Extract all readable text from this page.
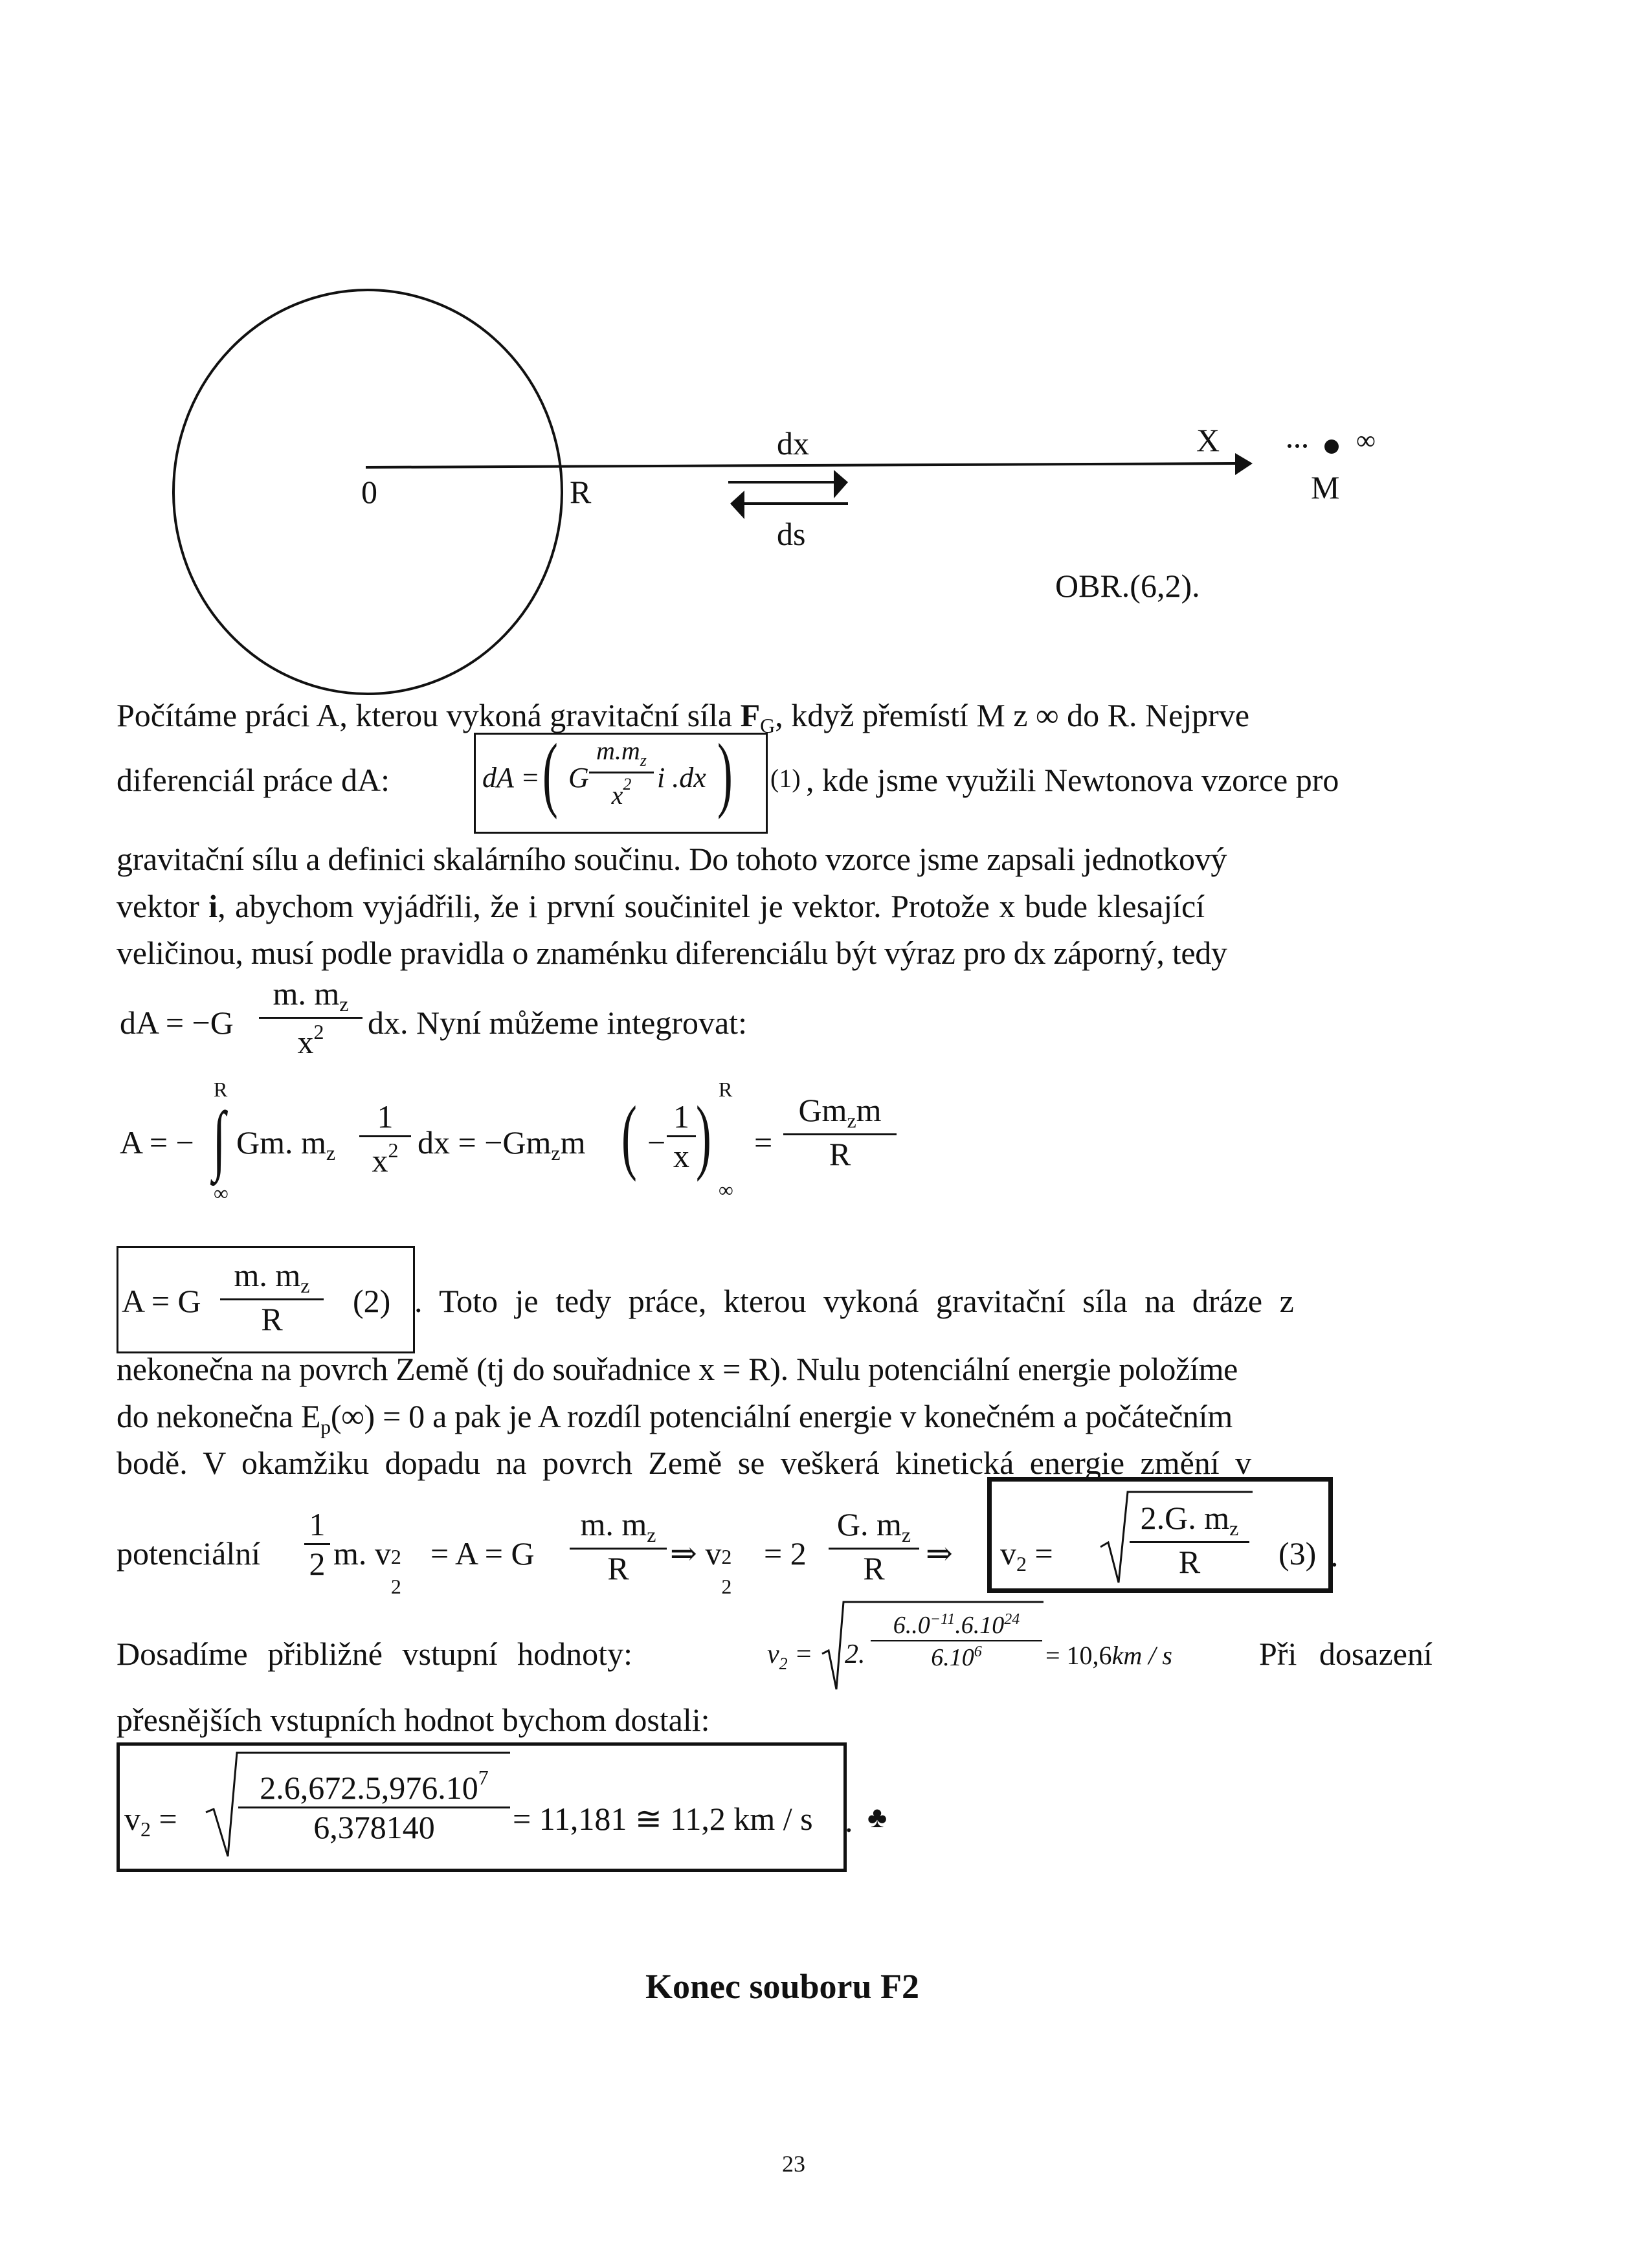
0	R
dx
ds
X	∞
M
OBR.(6,2).
Počítáme práci A, kterou vykoná gravitační síla $F_G$, když přemístí M z ∞ do R. Nejprve
diferenciál práce dA:	dA = ( G
$m.m_z$
$x^2$ i .dx ) (1) , kde jsme využili Newtonova vzorce pro
gravitační sílu a definici skalárního součinu. Do tohoto vzorce jsme zapsali jednotkový
vektor i, abychom vyjádřili, že i první součinitel je vektor. Protože x bude klesající
veličinou, musí podle pravidla o znaménku diferenciálu být výraz pro dx záporný, tedy
dA = −G
m. $m_z$
$x^2$	dx. Nyní můžeme integrovat:
A = −
R
∫
∞
Gm. $m_z$
1
$x^2$ dx = $-Gm_zm$ ( −
1
x ) R
∞
=
$Gm_zm$
R
A = G
m. $m_z$
R	(2) . Toto je tedy práce, kterou vykoná gravitační síla na dráze z
nekonečna na povrch Země (tj do souřadnice x = R). Nulu potenciální energie položíme
do nekonečna $E_p(\infty) = 0$ a pak je A rozdíl potenciální energie v konečném a počátečním
bodě. V okamžiku dopadu na povrch Země se veškerá kinetická energie změní v
potenciální
1
2 m. v 2
2
= A = G
m. $m_z$
R	⇒ v 2
2
= 2
G. $m_z$
R	⇒ $v_2$ =
2.G. $m_z$
R	(3) .
Dosadíme přibližné vstupní hodnoty:	$v_2 = 2$.
$6..0^{-11}.6.10^{24}$
$6.10^6$	= 10,6km / s	Při dosazení
přesnějších vstupních hodnot bychom dostali:
$v_2$ =
$2.6,672.5,976.10^7$
6,378140	= 11,181 ≅ 11,2 km / s . ♣
Konec souboru F2
23
